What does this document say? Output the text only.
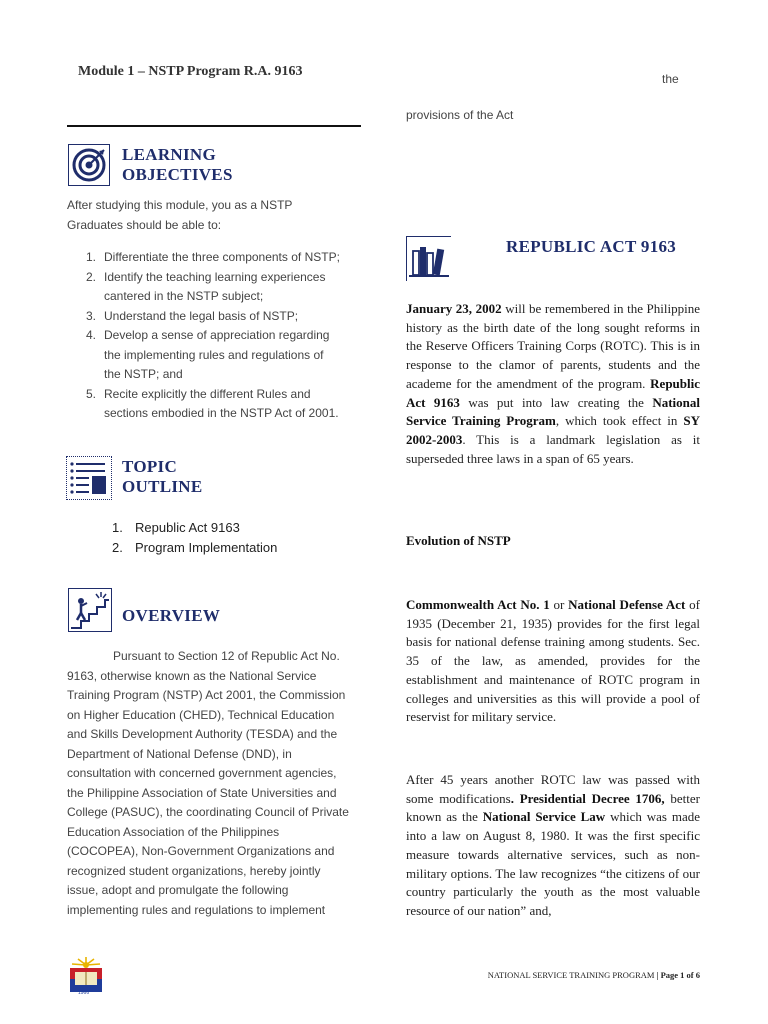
Module 1 – NSTP Program R.A. 9163	the
provisions of the Act
LEARNING
OBJECTIVES
After studying this module, you as a NSTP
Graduates should be able to:
1. Differentiate the three components of NSTP;
2. Identify the teaching learning experiences
cantered in the NSTP subject;
3. Understand the legal basis of NSTP;
4. Develop a sense of appreciation regarding
the implementing rules and regulations of
the NSTP; and
5. Recite explicitly the different Rules and
sections embodied in the NSTP Act of 2001.
TOPIC
OUTLINE
1. Republic Act 9163
2. Program Implementation
OVERVIEW
Pursuant to Section 12 of Republic Act No.
9163, otherwise known as the National Service
Training Program (NSTP) Act 2001, the Commission
on Higher Education (CHED), Technical Education
and Skills Development Authority (TESDA) and the
Department of National Defense (DND), in
consultation with concerned government agencies,
the Philippine Association of State Universities and
College (PASUC), the coordinating Council of Private
Education Association of the Philippines
(COCOPEA), Non-Government Organizations and
recognized student organizations, hereby jointly
issue, adopt and promulgate the following
implementing rules and regulations to implement
REPUBLIC ACT 9163
January 23, 2002 will be remembered in the Philippine history as the birth date of the long sought reforms in the Reserve Officers Training Corps (ROTC). This is in response to the clamor of parents, students and the academe for the amendment of the program. Republic Act 9163 was put into law creating the National Service Training Program, which took effect in SY 2002-2003. This is a landmark legislation as it superseded three laws in a span of 65 years.
Evolution of NSTP
Commonwealth Act No. 1 or National Defense Act of 1935 (December 21, 1935) provides for the first legal basis for national defense training among students. Sec. 35 of the law, as amended, provides for the establishment and maintenance of ROTC program in colleges and universities as this will provide a pool of reservist for military service.
After 45 years another ROTC law was passed with some modifications. Presidential Decree 1706, better known as the National Service Law which was made into a law on August 8, 1980. It was the first specific measure towards alternative services, such as non-military options. The law recognizes “the citizens of our country particularly the youth as the most valuable resource of our nation” and,
1966
NATIONAL SERVICE TRAINING PROGRAM | Page 1 of 6
